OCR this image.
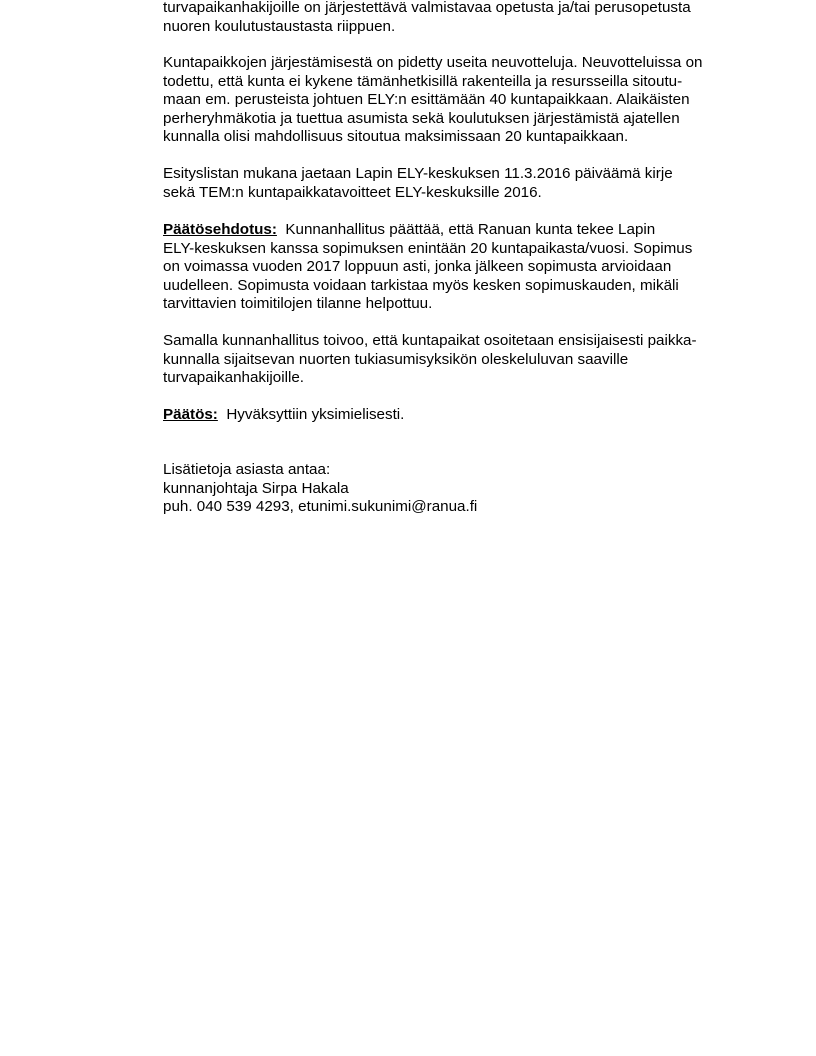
turvapaikanhakijoille on järjestettävä valmistavaa opetusta ja/tai perusopetusta
nuoren koulutustaustasta riippuen.
Kuntapaikkojen järjestämisestä on pidetty useita neuvotteluja. Neuvotteluissa on
todettu, että kunta ei kykene tämänhetkisillä rakenteilla ja resursseilla sitoutu-
maan em. perusteista johtuen ELY:n esittämään 40 kuntapaikkaan. Alaikäisten
perheryhmäkotia ja tuettua asumista sekä koulutuksen järjestämistä ajatellen
kunnalla olisi mahdollisuus sitoutua maksimissaan 20 kuntapaikkaan.
Esityslistan mukana jaetaan Lapin ELY-keskuksen 11.3.2016 päiväämä kirje
sekä TEM:n kuntapaikkatavoitteet ELY-keskuksille 2016.
Päätösehdotus: Kunnanhallitus päättää, että Ranuan kunta tekee Lapin
ELY-keskuksen kanssa sopimuksen enintään 20 kuntapaikasta/vuosi. Sopimus
on voimassa vuoden 2017 loppuun asti, jonka jälkeen sopimusta arvioidaan
uudelleen. Sopimusta voidaan tarkistaa myös kesken sopimuskauden, mikäli
tarvittavien toimitilojen tilanne helpottuu.
Samalla kunnanhallitus toivoo, että kuntapaikat osoitetaan ensisijaisesti paikka-
kunnalla sijaitsevan nuorten tukiasumisyksikön oleskeluluvan saaville
turvapaikanhakijoille.
Päätös: Hyväksyttiin yksimielisesti.
Lisätietoja asiasta antaa:
kunnanjohtaja Sirpa Hakala
puh. 040 539 4293, etunimi.sukunimi@ranua.fi
